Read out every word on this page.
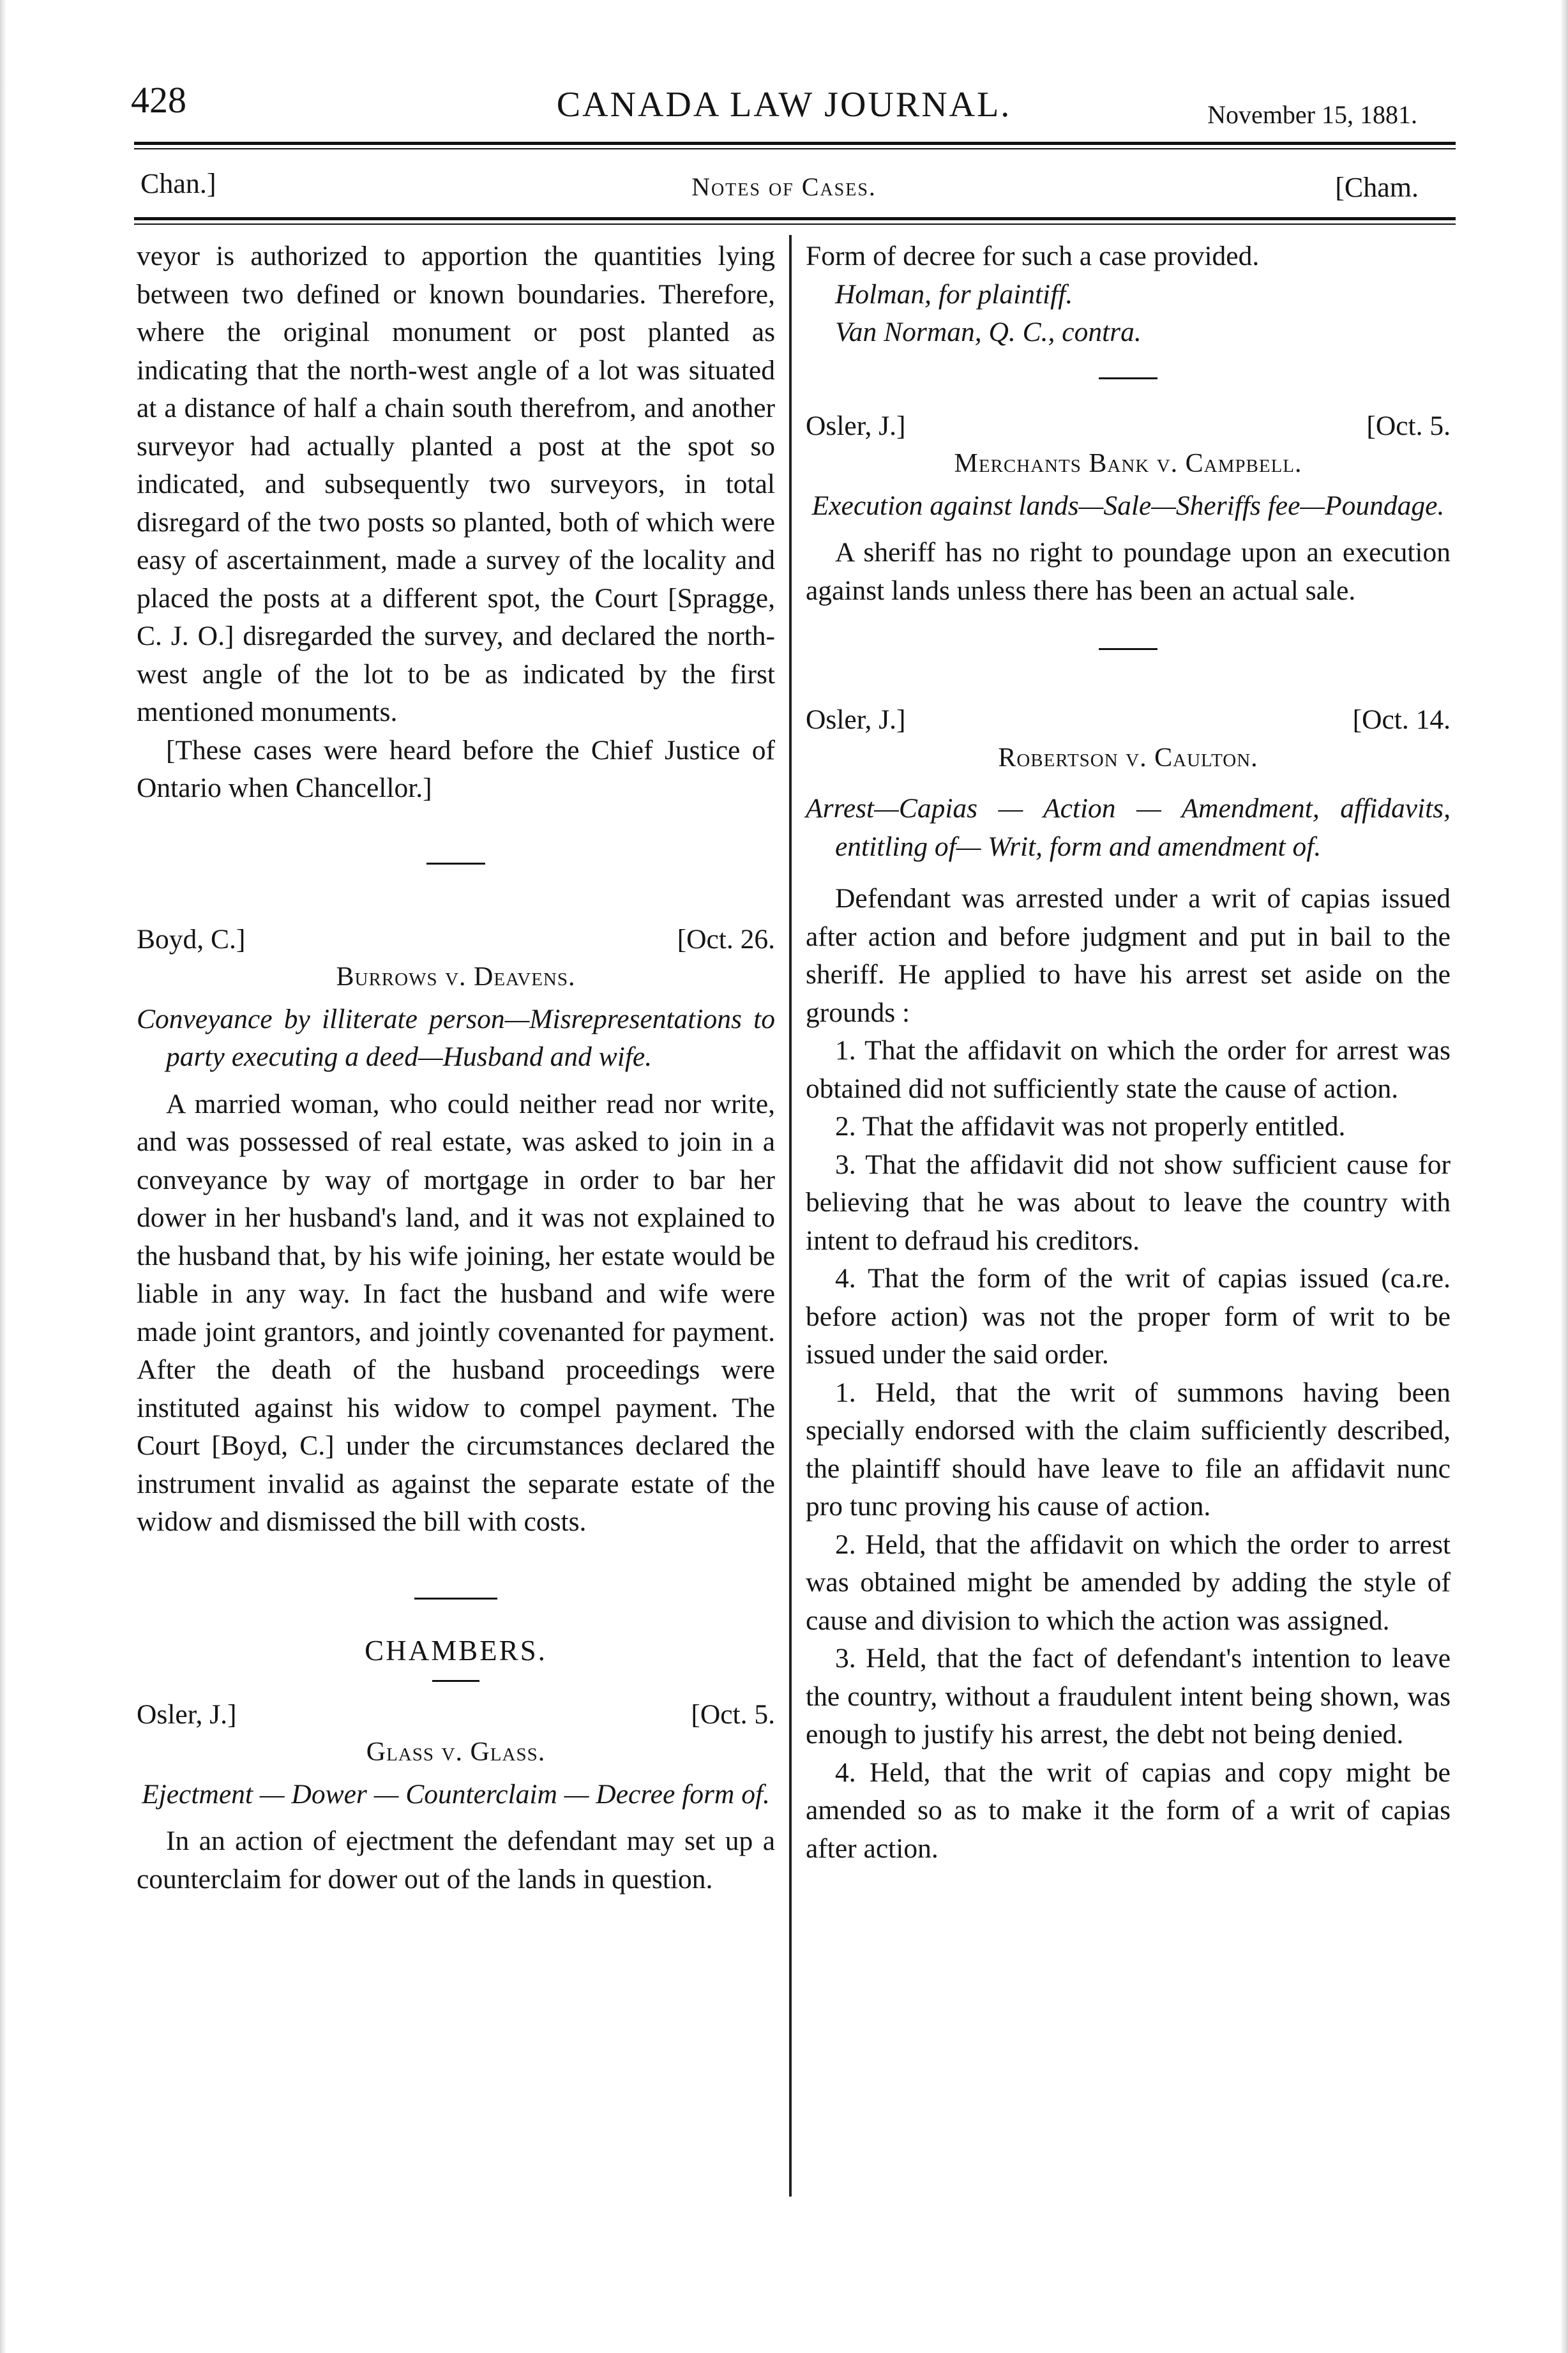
428	CANADA LAW JOURNAL.	November 15, 1881.
Chan.]	Notes of Cases.	[Cham.

veyor is authorized to apportion the quantities lying between two defined or known boundaries. Therefore, where the original monument or post planted as indicating that the north-west angle of a lot was situated at a distance of half a chain south therefrom, and another surveyor had actually planted a post at the spot so indicated, and subsequently two surveyors, in total disregard of the two posts so planted, both of which were easy of ascertainment, made a survey of the locality and placed the posts at a different spot, the Court [Spragge, C. J. O.] disregarded the survey, and declared the north-west angle of the lot to be as indicated by the first mentioned monuments.

[These cases were heard before the Chief Justice of Ontario when Chancellor.]

Boyd, C.]	[Oct. 26.
Burrows v. Deavens.

Conveyance by illiterate person—Misrepresentations to party executing a deed—Husband and wife.

A married woman, who could neither read nor write, and was possessed of real estate, was asked to join in a conveyance by way of mortgage in order to bar her dower in her husband's land, and it was not explained to the husband that, by his wife joining, her estate would be liable in any way. In fact the husband and wife were made joint grantors, and jointly covenanted for payment. After the death of the husband proceedings were instituted against his widow to compel payment. The Court [Boyd, C.] under the circumstances declared the instrument invalid as against the separate estate of the widow and dismissed the bill with costs.

CHAMBERS.
Osler, J.]	[Oct. 5.
Glass v. Glass.

Ejectment — Dower — Counterclaim — Decree form of.

In an action of ejectment the defendant may set up a counterclaim for dower out of the lands in question.

Form of decree for such a case provided.

Holman, for plaintiff.

Van Norman, Q. C., contra.

Osler, J.]	[Oct. 5.
Merchants Bank v. Campbell.

Execution against lands—Sale—Sheriffs fee—Poundage.

A sheriff has no right to poundage upon an execution against lands unless there has been an actual sale.

Osler, J.]	[Oct. 14.
Robertson v. Caulton.

Arrest—Capias — Action — Amendment, affidavits, entitling of— Writ, form and amendment of.

Defendant was arrested under a writ of capias issued after action and before judgment and put in bail to the sheriff. He applied to have his arrest set aside on the grounds :

1. That the affidavit on which the order for arrest was obtained did not sufficiently state the cause of action.

2. That the affidavit was not properly entitled.

3. That the affidavit did not show sufficient cause for believing that he was about to leave the country with intent to defraud his creditors.

4. That the form of the writ of capias issued (ca.re. before action) was not the proper form of writ to be issued under the said order.

1. Held, that the writ of summons having been specially endorsed with the claim sufficiently described, the plaintiff should have leave to file an affidavit nunc pro tunc proving his cause of action.

2. Held, that the affidavit on which the order to arrest was obtained might be amended by adding the style of cause and division to which the action was assigned.

3. Held, that the fact of defendant's intention to leave the country, without a fraudulent intent being shown, was enough to justify his arrest, the debt not being denied.

4. Held, that the writ of capias and copy might be amended so as to make it the form of a writ of capias after action.
